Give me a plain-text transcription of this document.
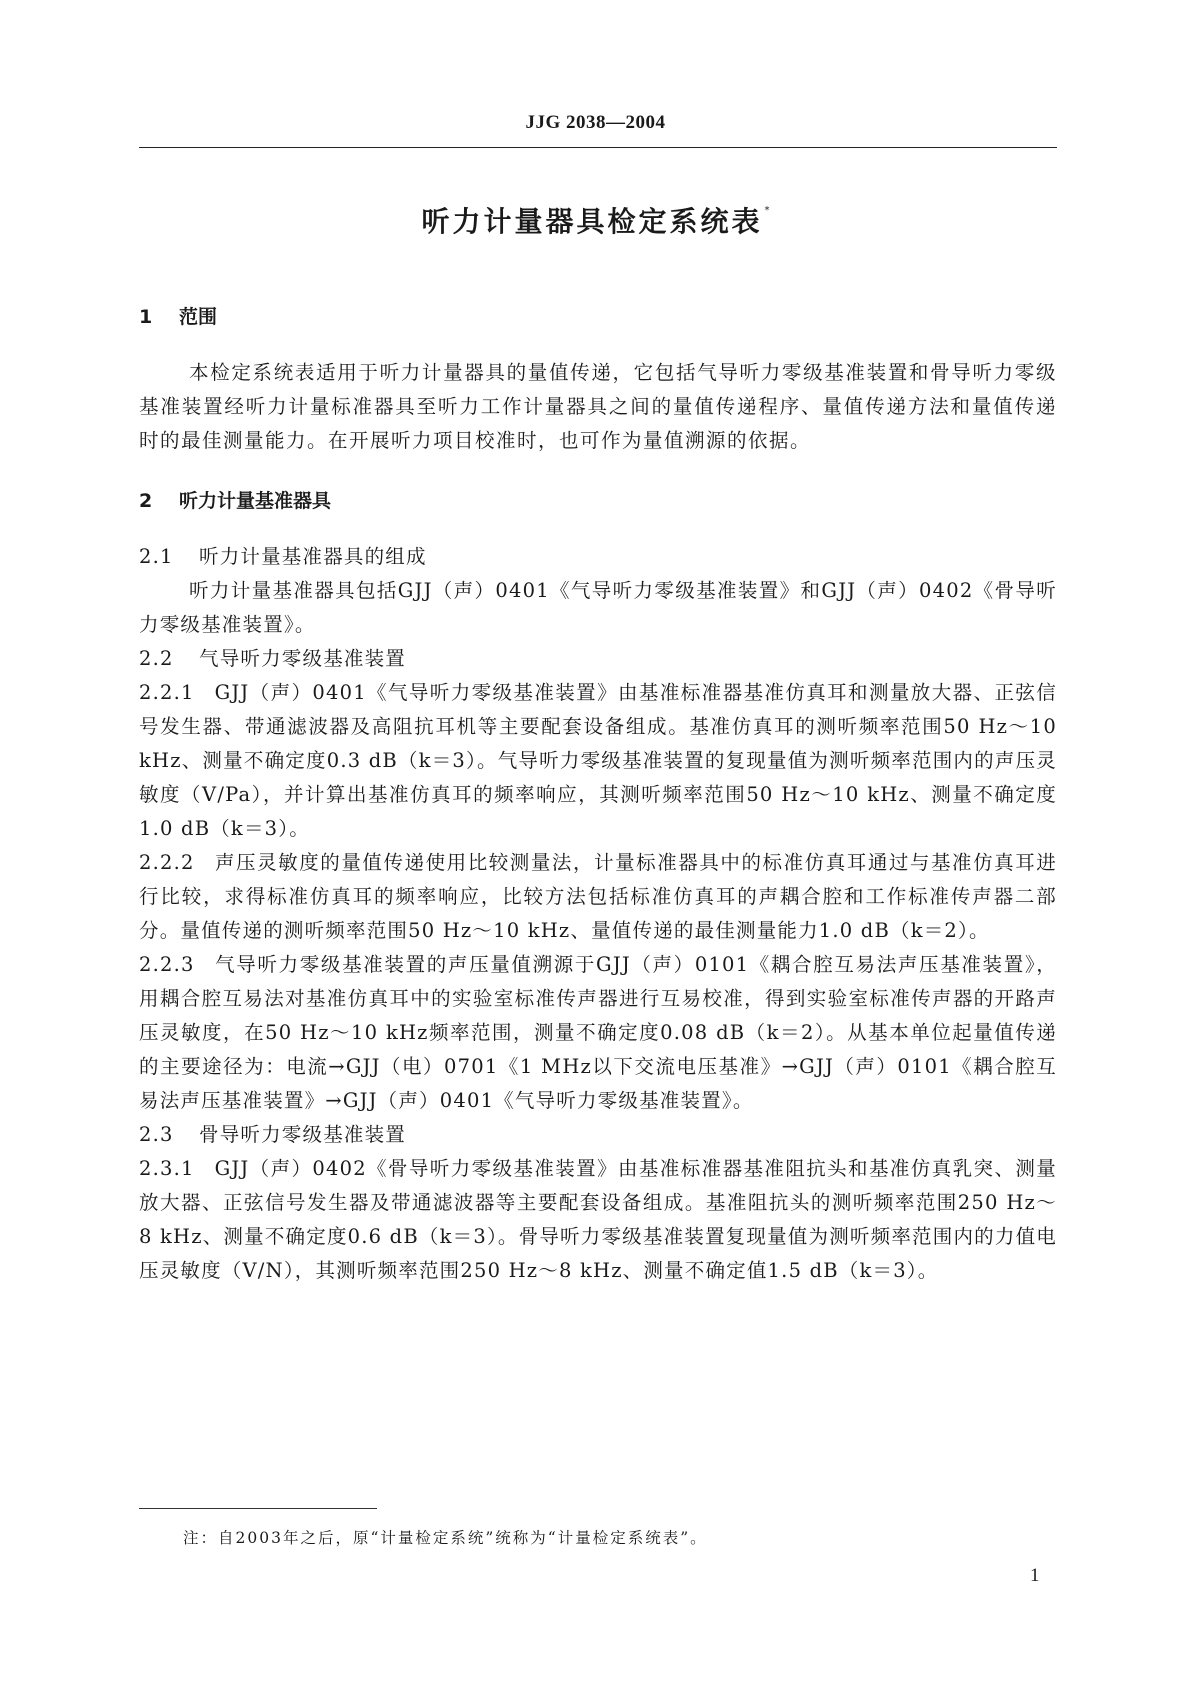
JJG 2038—2004
听力计量器具检定系统表 *
1 范围

本检定系统表适用于听力计量器具的量值传递，它包括气导听力零级基准装置和骨导听力零级基准装置经听力计量标准器具至听力工作计量器具之间的量值传递程序、量值传递方法和量值传递时的最佳测量能力。在开展听力项目校准时，也可作为量值溯源的依据。

2 听力计量基准器具
2.1 听力计量基准器具的组成

听力计量基准器具包括GJJ（声）0401《气导听力零级基准装置》和GJJ（声）0402《骨导听力零级基准装置》。

2.2 气导听力零级基准装置

2.2.1 GJJ（声）0401《气导听力零级基准装置》由基准标准器基准仿真耳和测量放大器、正弦信号发生器、带通滤波器及高阻抗耳机等主要配套设备组成。基准仿真耳的测听频率范围50 Hz～10 kHz、测量不确定度0.3 dB（k＝3）。气导听力零级基准装置的复现量值为测听频率范围内的声压灵敏度（V/Pa），并计算出基准仿真耳的频率响应，其测听频率范围50 Hz～10 kHz、测量不确定度1.0 dB（k＝3）。

2.2.2 声压灵敏度的量值传递使用比较测量法，计量标准器具中的标准仿真耳通过与基准仿真耳进行比较，求得标准仿真耳的频率响应，比较方法包括标准仿真耳的声耦合腔和工作标准传声器二部分。量值传递的测听频率范围50 Hz～10 kHz、量值传递的最佳测量能力1.0 dB（k＝2）。

2.2.3 气导听力零级基准装置的声压量值溯源于GJJ（声）0101《耦合腔互易法声压基准装置》，用耦合腔互易法对基准仿真耳中的实验室标准传声器进行互易校准，得到实验室标准传声器的开路声压灵敏度，在50 Hz～10 kHz频率范围，测量不确定度0.08 dB（k＝2）。从基本单位起量值传递的主要途径为：电流→GJJ（电）0701《1 MHz以下交流电压基准》→GJJ（声）0101《耦合腔互易法声压基准装置》→GJJ（声）0401《气导听力零级基准装置》。

2.3 骨导听力零级基准装置

2.3.1 GJJ（声）0402《骨导听力零级基准装置》由基准标准器基准阻抗头和基准仿真乳突、测量放大器、正弦信号发生器及带通滤波器等主要配套设备组成。基准阻抗头的测听频率范围250 Hz～8 kHz、测量不确定度0.6 dB（k＝3）。骨导听力零级基准装置复现量值为测听频率范围内的力值电压灵敏度（V/N），其测听频率范围250 Hz～8 kHz、测量不确定值1.5 dB（k＝3）。

注：自2003年之后，原“计量检定系统”统称为“计量检定系统表”。
1
